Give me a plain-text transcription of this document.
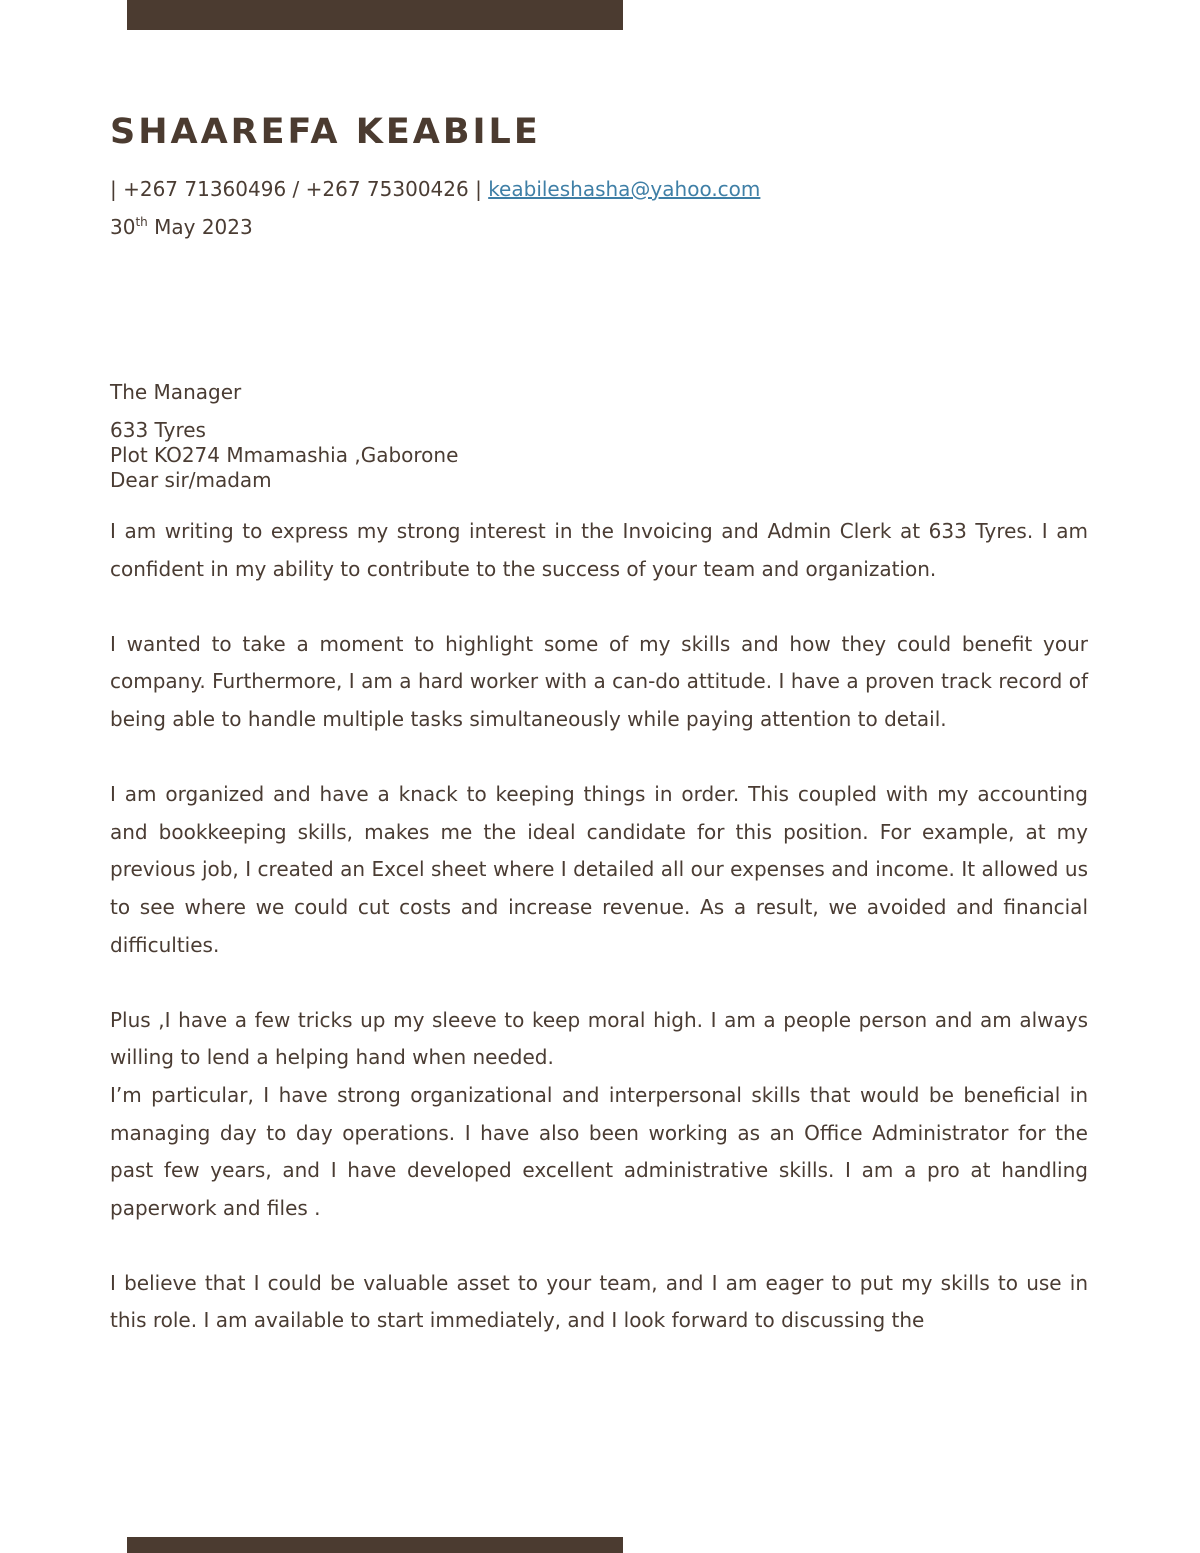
SHAAREFA KEABILE
| +267 71360496 / +267 75300426 | keabileshasha@yahoo.com
30th May 2023
The Manager
633 Tyres
Plot KO274 Mmamashia ,Gaborone
Dear sir/madam

I am writing to express my strong interest in the Invoicing and Admin Clerk at 633 Tyres. I am confident in my ability to contribute to the success of your team and organization.

I wanted to take a moment to highlight some of my skills and how they could benefit your company. Furthermore, I am a hard worker with a can-do attitude. I have a proven track record of being able to handle multiple tasks simultaneously while paying attention to detail.

I am organized and have a knack to keeping things in order. This coupled with my accounting and bookkeeping skills, makes me the ideal candidate for this position. For example, at my previous job, I created an Excel sheet where I detailed all our expenses and income. It allowed us to see where we could cut costs and increase revenue. As a result, we avoided and financial difficulties.

Plus ,I have a few tricks up my sleeve to keep moral high. I am a people person and am always willing to lend a helping hand when needed.

I’m particular, I have strong organizational and interpersonal skills that would be beneficial in managing day to day operations. I have also been working as an Office Administrator for the past few years, and I have developed excellent administrative skills. I am a pro at handling paperwork and files .

I believe that I could be valuable asset to your team, and I am eager to put my skills to use in this role. I am available to start immediately, and I look forward to discussing the
